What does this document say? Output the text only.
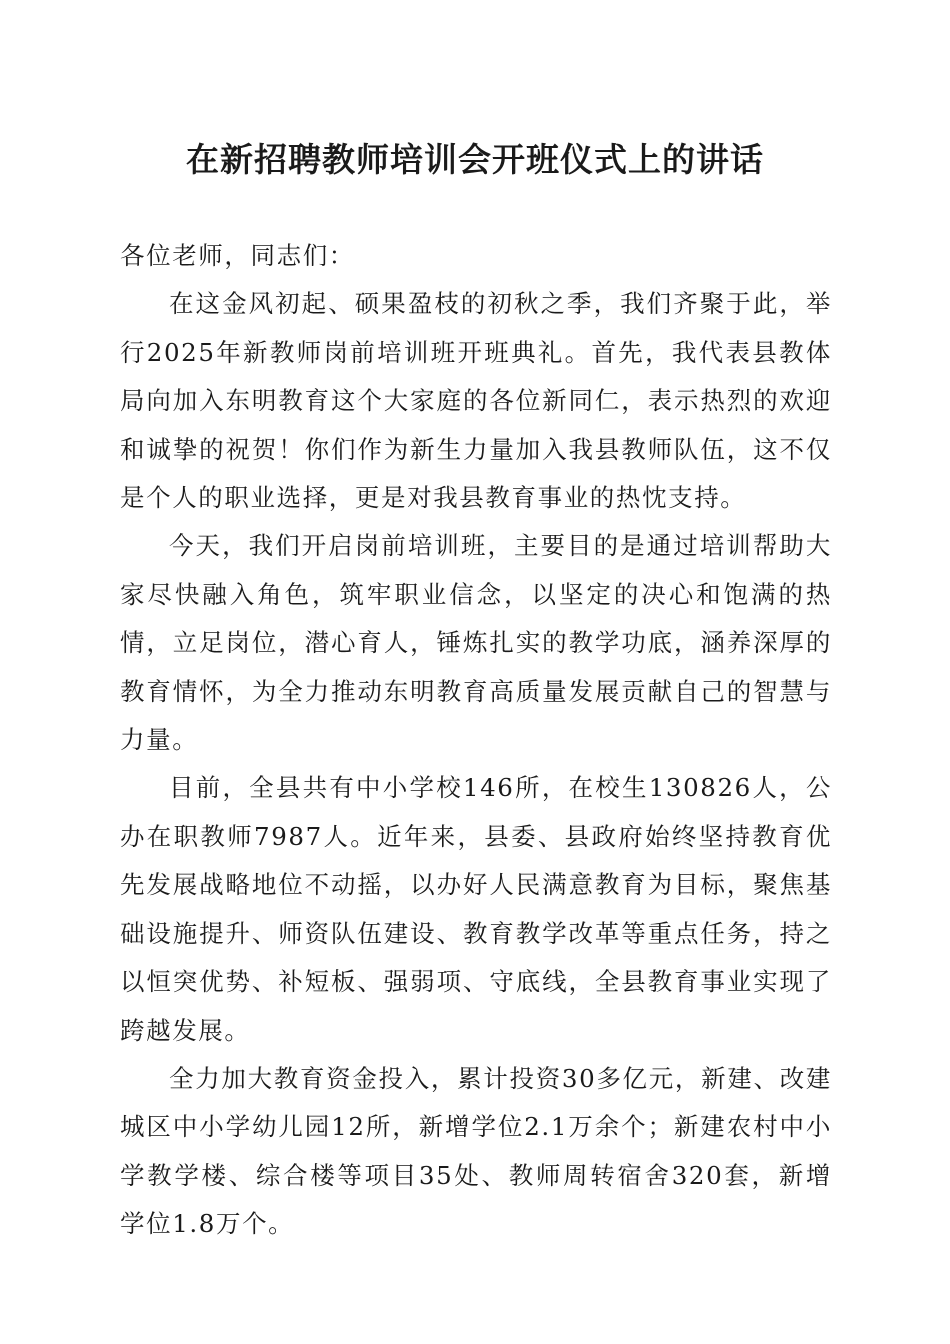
在新招聘教师培训会开班仪式上的讲话

各位老师，同志们：

在这金风初起、硕果盈枝的初秋之季，我们齐聚于此，举行2025年新教师岗前培训班开班典礼。首先，我代表县教体局向加入东明教育这个大家庭的各位新同仁，表示热烈的欢迎和诚挚的祝贺！你们作为新生力量加入我县教师队伍，这不仅是个人的职业选择，更是对我县教育事业的热忱支持。

今天，我们开启岗前培训班，主要目的是通过培训帮助大家尽快融入角色，筑牢职业信念，以坚定的决心和饱满的热情，立足岗位，潜心育人，锤炼扎实的教学功底，涵养深厚的教育情怀，为全力推动东明教育高质量发展贡献自己的智慧与力量。

目前，全县共有中小学校146所，在校生130826人，公办在职教师7987人。近年来，县委、县政府始终坚持教育优先发展战略地位不动摇，以办好人民满意教育为目标，聚焦基础设施提升、师资队伍建设、教育教学改革等重点任务，持之以恒突优势、补短板、强弱项、守底线，全县教育事业实现了跨越发展。

全力加大教育资金投入，累计投资30多亿元，新建、改建城区中小学幼儿园12所，新增学位2.1万余个；新建农村中小学教学楼、综合楼等项目35处、教师周转宿舍320套，新增学位1.8万个。
